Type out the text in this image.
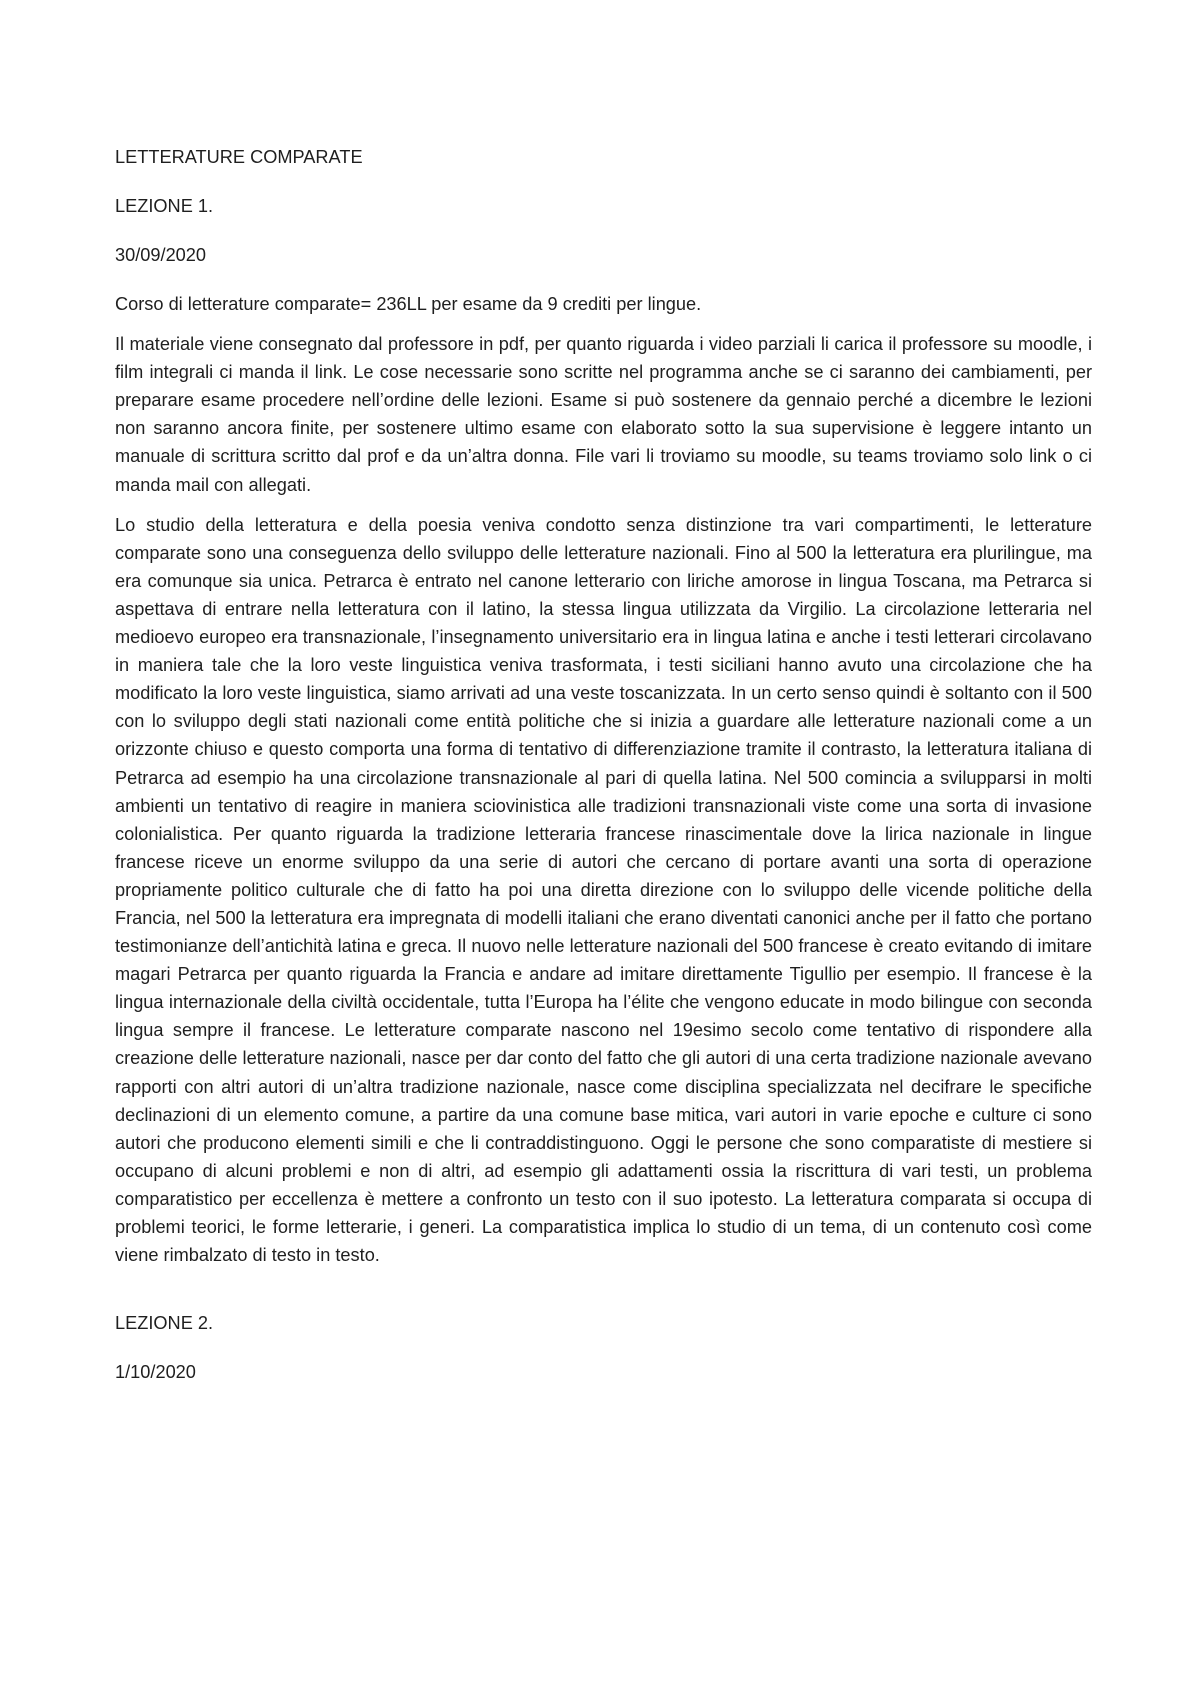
LETTERATURE COMPARATE

LEZIONE 1.

30/09/2020

Corso di letterature comparate= 236LL per esame da 9 crediti per lingue.

Il materiale viene consegnato dal professore in pdf, per quanto riguarda i video parziali li carica il professore su moodle, i film integrali ci manda il link. Le cose necessarie sono scritte nel programma anche se ci saranno dei cambiamenti, per preparare esame procedere nell’ordine delle lezioni. Esame si può sostenere da gennaio perché a dicembre le lezioni non saranno ancora finite, per sostenere ultimo esame con elaborato sotto la sua supervisione è leggere intanto un manuale di scrittura scritto dal prof e da un’altra donna. File vari li troviamo su moodle, su teams troviamo solo link o ci manda mail con allegati.

Lo studio della letteratura e della poesia veniva condotto senza distinzione tra vari compartimenti, le letterature comparate sono una conseguenza dello sviluppo delle letterature nazionali. Fino al 500 la letteratura era plurilingue, ma era comunque sia unica. Petrarca è entrato nel canone letterario con liriche amorose in lingua Toscana, ma Petrarca si aspettava di entrare nella letteratura con il latino, la stessa lingua utilizzata da Virgilio. La circolazione letteraria nel medioevo europeo era transnazionale, l’insegnamento universitario era in lingua latina e anche i testi letterari circolavano in maniera tale che la loro veste linguistica veniva trasformata, i testi siciliani hanno avuto una circolazione che ha modificato la loro veste linguistica, siamo arrivati ad una veste toscanizzata. In un certo senso quindi è soltanto con il 500 con lo sviluppo degli stati nazionali come entità politiche che si inizia a guardare alle letterature nazionali come a un orizzonte chiuso e questo comporta una forma di tentativo di differenziazione tramite il contrasto, la letteratura italiana di Petrarca ad esempio ha una circolazione transnazionale al pari di quella latina. Nel 500 comincia a svilupparsi in molti ambienti un tentativo di reagire in maniera sciovinistica alle tradizioni transnazionali viste come una sorta di invasione colonialistica. Per quanto riguarda la tradizione letteraria francese rinascimentale dove la lirica nazionale in lingue francese riceve un enorme sviluppo da una serie di autori che cercano di portare avanti una sorta di operazione propriamente politico culturale che di fatto ha poi una diretta direzione con lo sviluppo delle vicende politiche della Francia, nel 500 la letteratura era impregnata di modelli italiani che erano diventati canonici anche per il fatto che portano testimonianze dell’antichità latina e greca. Il nuovo nelle letterature nazionali del 500 francese è creato evitando di imitare magari Petrarca per quanto riguarda la Francia e andare ad imitare direttamente Tigullio per esempio. Il francese è la lingua internazionale della civiltà occidentale, tutta l’Europa ha l’élite che vengono educate in modo bilingue con seconda lingua sempre il francese. Le letterature comparate nascono nel 19esimo secolo come tentativo di rispondere alla creazione delle letterature nazionali, nasce per dar conto del fatto che gli autori di una certa tradizione nazionale avevano rapporti con altri autori di un’altra tradizione nazionale, nasce come disciplina specializzata nel decifrare le specifiche declinazioni di un elemento comune, a partire da una comune base mitica, vari autori in varie epoche e culture ci sono autori che producono elementi simili e che li contraddistinguono. Oggi le persone che sono comparatiste di mestiere si occupano di alcuni problemi e non di altri, ad esempio gli adattamenti ossia la riscrittura di vari testi, un problema comparatistico per eccellenza è mettere a confronto un testo con il suo ipotesto. La letteratura comparata si occupa di problemi teorici, le forme letterarie, i generi. La comparatistica implica lo studio di un tema, di un contenuto così come viene rimbalzato di testo in testo.

LEZIONE 2.

1/10/2020
